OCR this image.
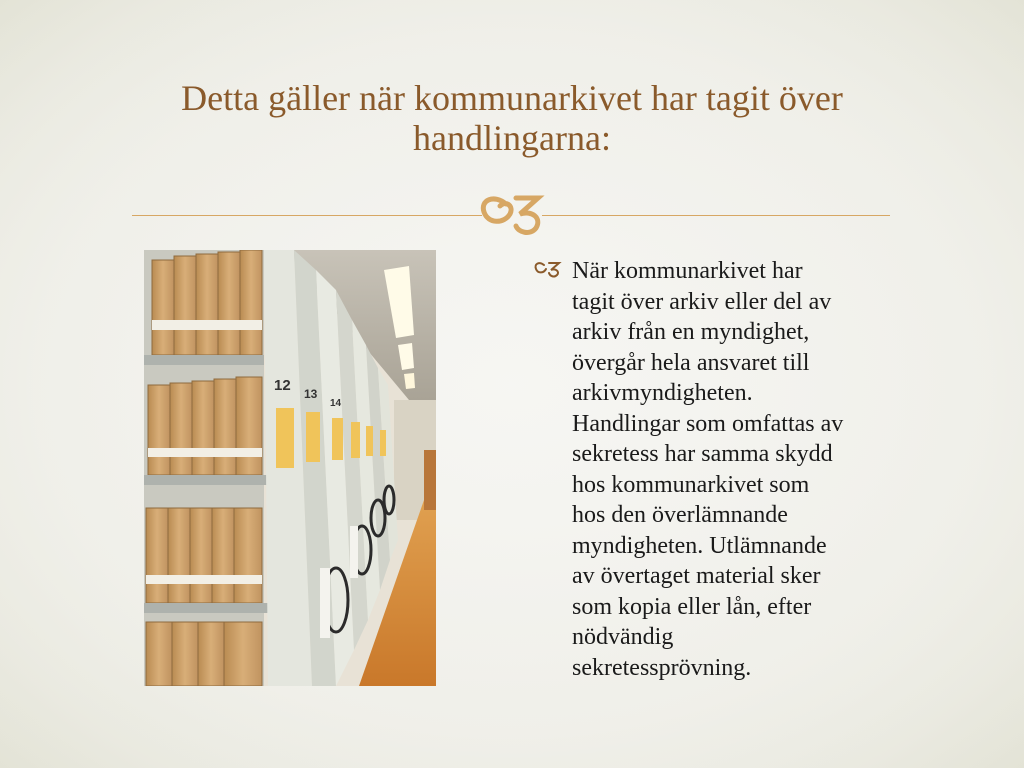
Detta gäller när kommunarkivet har tagit över
handlingarna:
12 13
14
När kommunarkivet har
tagit över arkiv eller del av
arkiv från en myndighet,
övergår hela ansvaret till
arkivmyndigheten.
Handlingar som omfattas av
sekretess har samma skydd
hos kommunarkivet som
hos den överlämnande
myndigheten. Utlämnande
av övertaget material sker
som kopia eller lån, efter
nödvändig
sekretessprövning.
